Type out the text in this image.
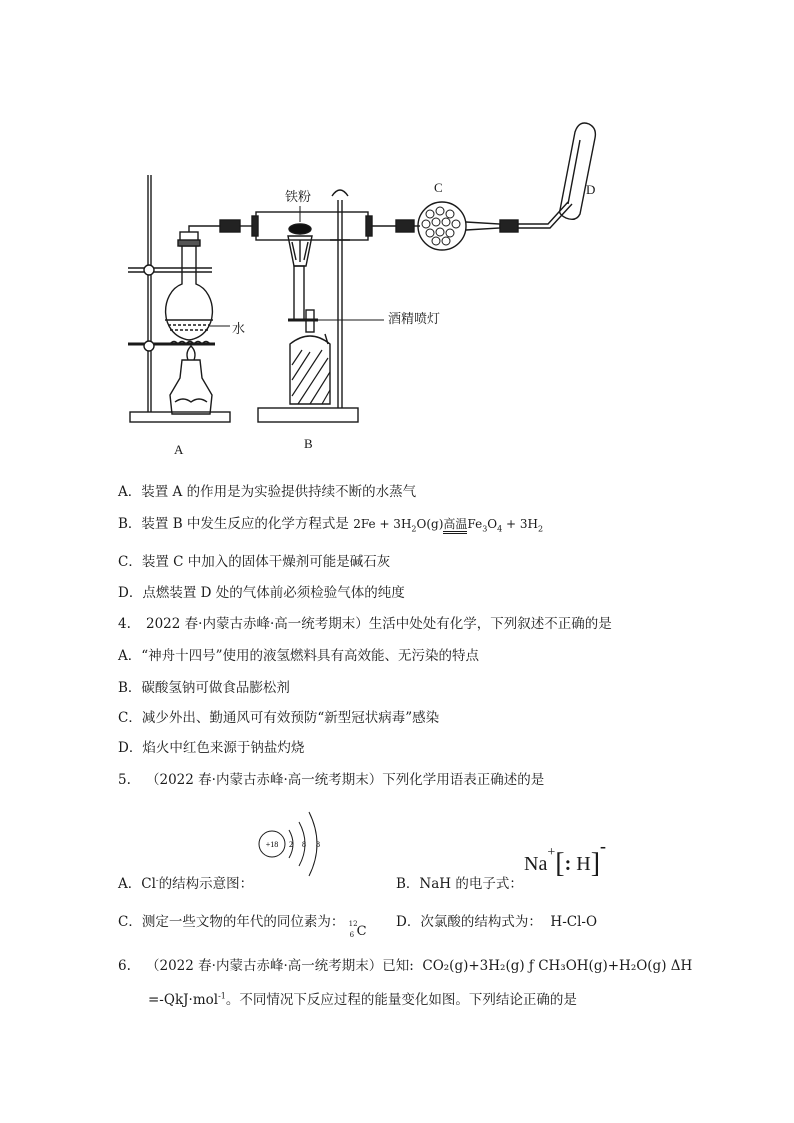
铁粉
水
酒精喷灯
A	B
C	D
A．装置 A 的作用是为实验提供持续不断的水蒸气
B．装置 B 中发生反应的化学方程式是 $2Fe + 3H_2O(g)$高温$Fe_3O_4 + 3H_2$
C．装置 C 中加入的固体干燥剂可能是碱石灰
D．点燃装置 D 处的气体前必须检验气体的纯度
4. 2022 春·内蒙古赤峰·高一统考期末）生活中处处有化学，下列叙述不正确的是
A．“神舟十四号”使用的液氢燃料具有高效能、无污染的特点
B．碳酸氢钠可做食品膨松剂
C．减少外出、勤通风可有效预防“新型冠状病毒”感染
D．焰火中红色来源于钠盐灼烧
5. （2022 春·内蒙古赤峰·高一统考期末）下列化学用语表正确述的是
+18 2 8 8
A．Cl-的结构示意图：	B．NaH 的电子式：
Na+[: H]-
C．测定一些文物的年代的同位素为： 12
6 C
D．次氯酸的结构式为： H-Cl-O
6. （2022 春·内蒙古赤峰·高一统考期末）已知:  CO₂(g)+3H₂(g) ƒ CH₃OH(g)+H₂O(g) ΔH
=-QkJ·mol$^{-1}$。不同情况下反应过程的能量变化如图。下列结论正确的是
